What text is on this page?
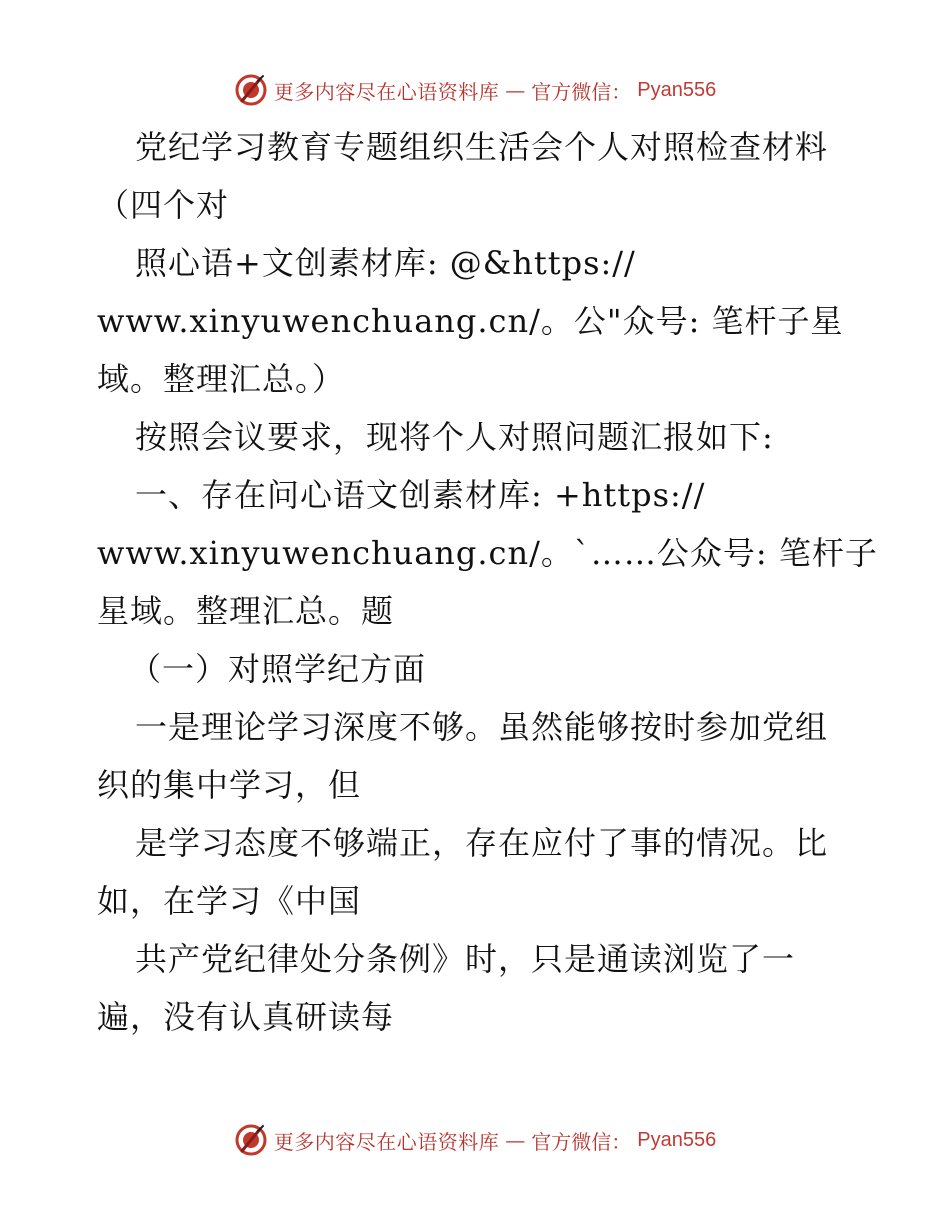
更多内容尽在心语资料库 — 官方微信： Pyan556
党纪学习教育专题组织生活会个人对照检查材料
（四个对
照心语+文创素材库: @&https://
www.xinyuwenchuang.cn/。公"众号: 笔杆子星
域。整理汇总。）
按照会议要求，现将个人对照问题汇报如下:
一、存在问心语文创素材库: +https://
www.xinyuwenchuang.cn/。`……公众号: 笔杆子
星域。整理汇总。题
（一）对照学纪方面
一是理论学习深度不够。虽然能够按时参加党组
织的集中学习，但
是学习态度不够端正，存在应付了事的情况。比
如，在学习《中国
共产党纪律处分条例》时，只是通读浏览了一
遍，没有认真研读每
更多内容尽在心语资料库 — 官方微信： Pyan556
